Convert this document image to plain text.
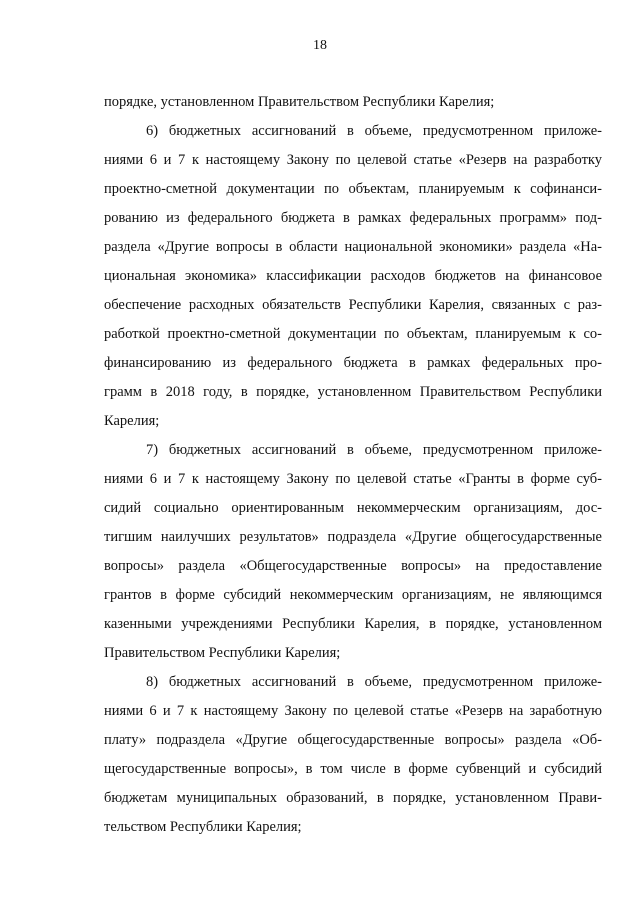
18
порядке, установленном Правительством Республики Карелия;
6) бюджетных ассигнований в объеме, предусмотренном приложе-
ниями 6 и 7 к настоящему Закону по целевой статье «Резерв на разработку
проектно-сметной документации по объектам, планируемым к софинанси-
рованию из федерального бюджета в рамках федеральных программ» под-
раздела «Другие вопросы в области национальной экономики» раздела «На-
циональная экономика» классификации расходов бюджетов на финансовое
обеспечение расходных обязательств Республики Карелия, связанных с раз-
работкой проектно-сметной документации по объектам, планируемым к со-
финансированию из федерального бюджета в рамках федеральных про-
грамм в 2018 году, в порядке, установленном Правительством Республики
Карелия;
7) бюджетных ассигнований в объеме, предусмотренном приложе-
ниями 6 и 7 к настоящему Закону по целевой статье «Гранты в форме суб-
сидий социально ориентированным некоммерческим организациям, дос-
тигшим наилучших результатов» подраздела «Другие общегосударственные
вопросы» раздела «Общегосударственные вопросы» на предоставление
грантов в форме субсидий некоммерческим организациям, не являющимся
казенными учреждениями Республики Карелия, в порядке, установленном
Правительством Республики Карелия;
8) бюджетных ассигнований в объеме, предусмотренном приложе-
ниями 6 и 7 к настоящему Закону по целевой статье «Резерв на заработную
плату» подраздела «Другие общегосударственные вопросы» раздела «Об-
щегосударственные вопросы», в том числе в форме субвенций и субсидий
бюджетам муниципальных образований, в порядке, установленном Прави-
тельством Республики Карелия;
